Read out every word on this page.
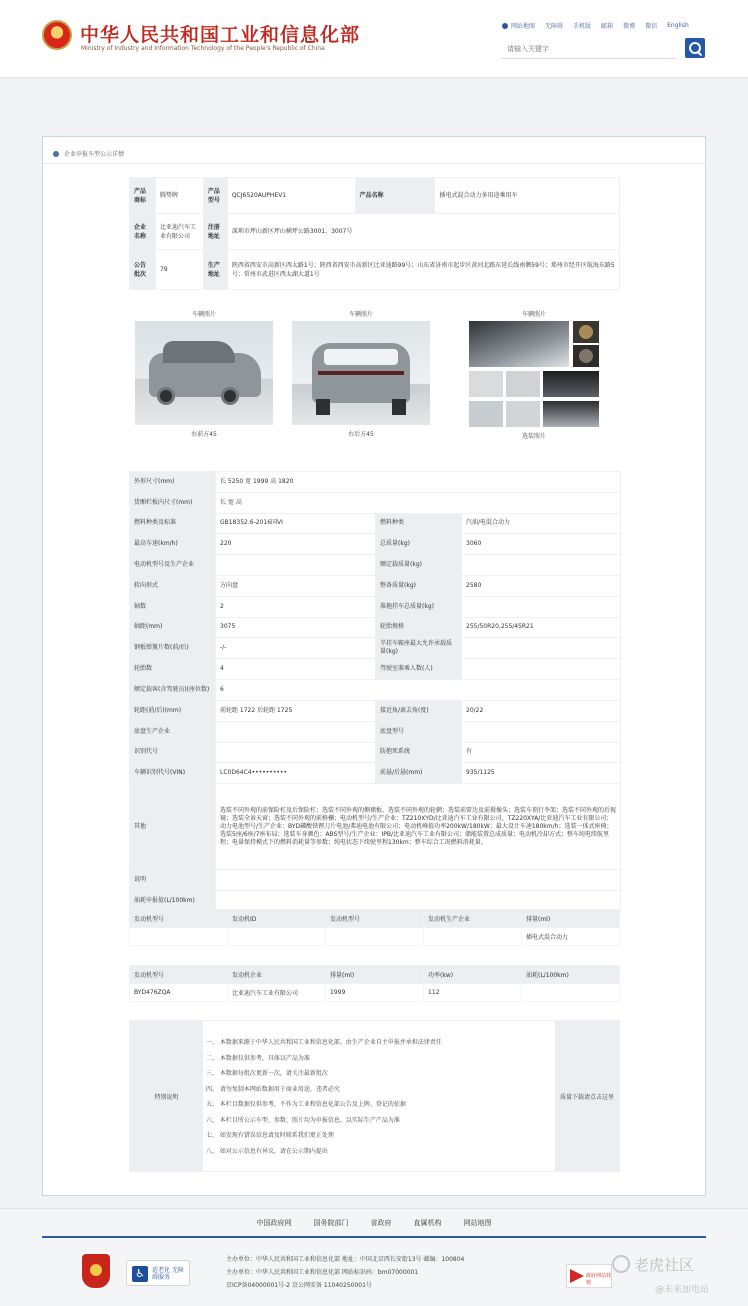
中华人民共和国工业和信息化部
Ministry of Industry and Information Technology of the People's Republic of China
网站地图 无障碍 手机版 邮箱 微博 微信 English
请输入关键字
企业申报车型公示详情
产品商标	腾势牌	产品型号	QCJ6520AUPHEV1	产品名称	插电式混合动力多用途乘用车
企业名称	比亚迪汽车工业有限公司	注册地址	深圳市坪山新区坪山横坪公路3001、3007号		
公告批次	79	生产地址	陕西省西安市高新区西太路1号；陕西省西安市高新区比亚迪路99号；山东省济南市起步区黄河北路东延长线南侧59号；郑州市经开区航海东路5号；常州市武进区西太湖大道1号		
车辆照片
右前方45
车辆照片
右后方45
车辆照片
选装照片
外形尺寸(mm)	长 5250 宽 1999 高 1820		
货厢栏板内尺寸(mm)	长 宽 高		
燃料种类及标准	GB18352.6-2016国VI	燃料种类	汽油/电混合动力
最高车速(km/h)	220	总质量(kg)	3060
电动机型号及生产企业		额定载质量(kg)	
转向形式	方向盘	整备质量(kg)	2580
轴数	2	准拖挂车总质量(kg)	
轴距(mm)	3075	轮胎规格	255/50R20,255/45R21
钢板弹簧片数(前/后)	-/-	半挂车鞍座最大允许承载质量(kg)	
轮胎数	4	驾驶室准乘人数(人)	
额定载客(含驾驶员)(座位数)	6		
轮距(前/后)(mm)	前轮距 1722 后轮距 1725	接近角/离去角(度)	20/22
底盘生产企业		底盘型号	
识别代号		防抱死系统	有
车辆识别代号(VIN)	LC0D64C4••••••••••	前悬/后悬(mm)	935/1125
其他	选装不同外观的前保险杠及后保险杠；选装不同外观的侧裙板、选装不同外观的轮辋；选装前雷达及前摄像头；选装车顶行李架；选装不同外观的后视镜；选装全景天窗；选装不同外观的前格栅；电动机型号/生产企业：TZ210XYD/比亚迪汽车工业有限公司、TZ220XYA/比亚迪汽车工业有限公司；动力电池型号/生产企业：BYD磷酸铁锂刀片电池/弗迪电池有限公司；电动机峰值功率200kW/180kW；最大设计车速180km/h；选装一体式座椅；选装5座/6座/7座布局；选装车身颜色；ABS型号/生产企业：IPB/比亚迪汽车工业有限公司；储能装置总成质量；电动机冷却方式；整车纯电续航里程；电量保持模式下的燃料消耗量等参数；纯电状态下续驶里程130km；整车综合工况燃料消耗量。		
说明			
油耗申报值(L/100km)			
发动机型号	发动机ID	发动机型号	发动机生产企业	排量(ml)
				插电式混合动力
发动机型号	发动机企业	排量(ml)	功率(kw)	油耗(L/100km)
BYD476ZQA	比亚迪汽车工业有限公司	1999	112	
特别说明
一、 本数据来源于中华人民共和国工业和信息化部，由生产企业自主申报并承担法律责任
二、 本数据仅供参考，具体以产品为准
三、 本数据每批次更新一次，请关注最新批次
四、 请勿复制本网站数据用于商业用途，违者必究
五、 本栏目数据仅供参考，不作为工业和信息化部公告及上牌、登记的依据
六、 本栏目所公示车型、参数、照片均为申报信息，以实际生产产品为准
七、 如发现有错误信息请及时联系我们更正处理
八、 如对公示信息有异议，请在公示期内提出
质量下载请点击这里
中国政府网	国务院部门	省政府	直属机构	网站地图
♿	适老化 无障碍服务
主办单位：中华人民共和国工业和信息化部 地址：中国北京西长安街13号 邮编：100804
主办单位：中华人民共和国工业和信息化部 网站标识码：bm07000001
京ICP备04000001号-2 京公网安备 11040250001号
政府网站找错
老虎社区
@未来加电站
